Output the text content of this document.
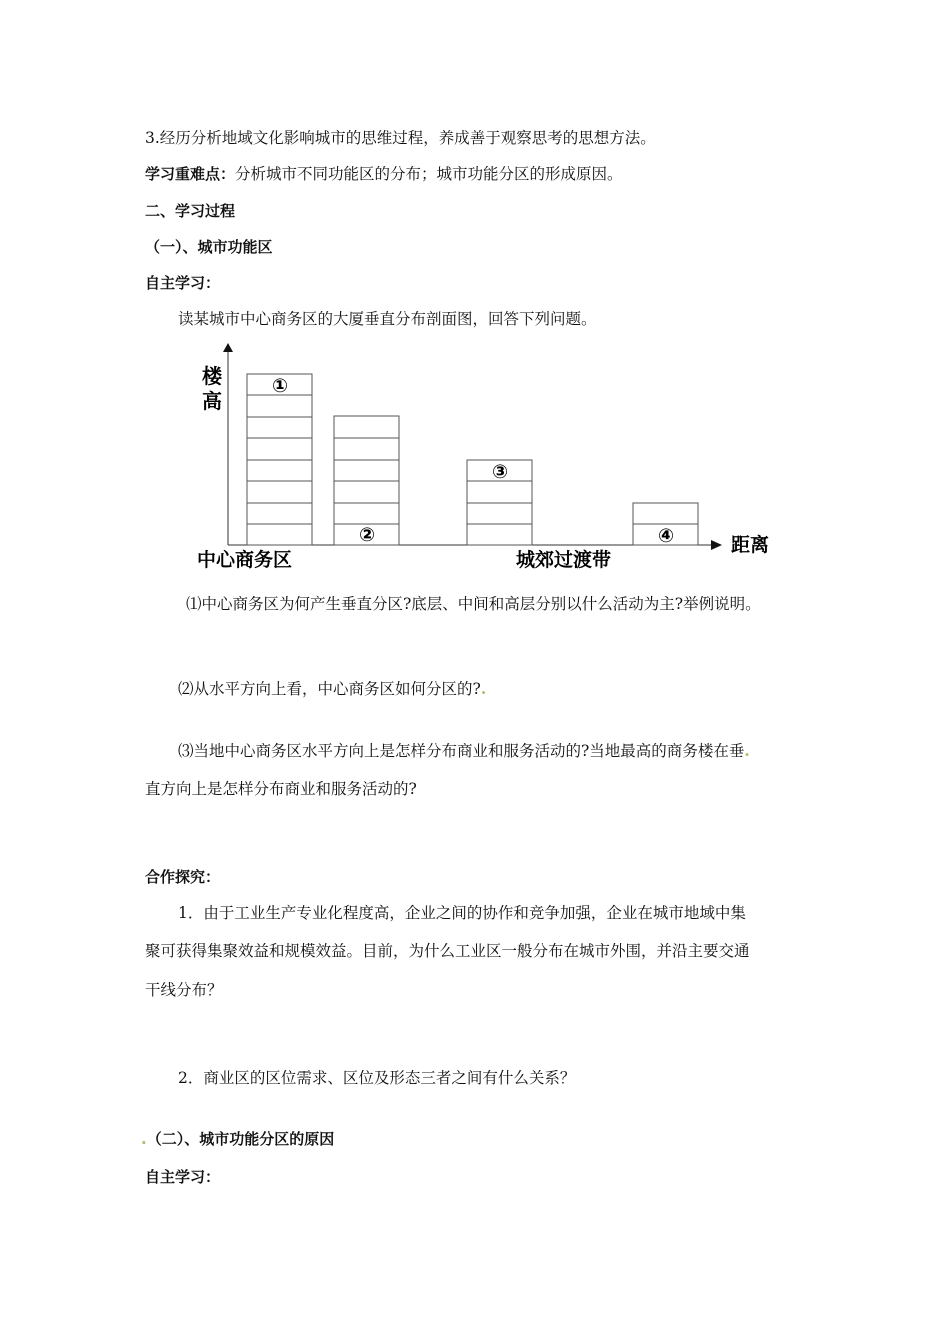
3.经历分析地域文化影响城市的思维过程，养成善于观察思考的思想方法。
学习重难点：分析城市不同功能区的分布；城市功能分区的形成原因。
二、学习过程
（一）、城市功能区
自主学习：
读某城市中心商务区的大厦垂直分布剖面图，回答下列问题。
①
②
③
④
楼
高
中心商务区	城郊过渡带
距离
⑴中心商务区为何产生垂直分区?底层、中间和高层分别以什么活动为主?举例说明。
⑵从水平方向上看，中心商务区如何分区的?.
⑶当地中心商务区水平方向上是怎样分布商业和服务活动的?当地最高的商务楼在垂.
直方向上是怎样分布商业和服务活动的?
合作探究：
1．由于工业生产专业化程度高，企业之间的协作和竞争加强，企业在城市地域中集
聚可获得集聚效益和规模效益。目前，为什么工业区一般分布在城市外围，并沿主要交通
干线分布？
2．商业区的区位需求、区位及形态三者之间有什么关系？
.（二）、城市功能分区的原因
自主学习：
